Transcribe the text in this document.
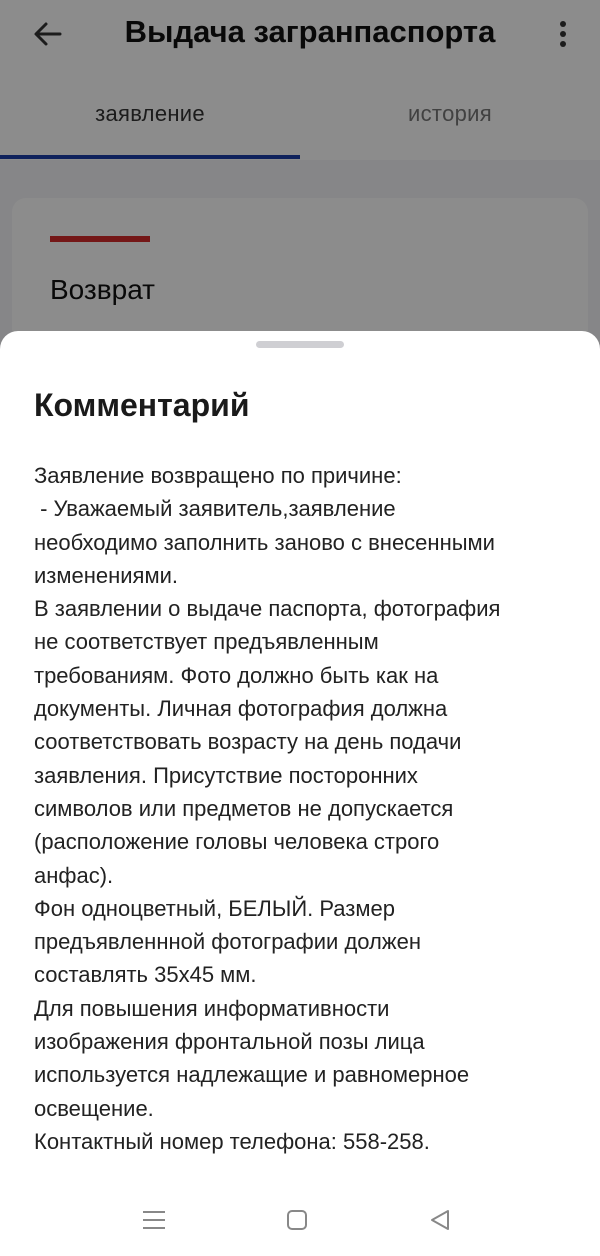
Выдача загранпаспорта
заявление	история
Возврат
Комментарий
Заявление возвращено по причине:
- Уважаемый заявитель,заявление
необходимо заполнить заново с внесенными
изменениями.
В заявлении о выдаче паспорта, фотография
не соответствует предъявленным
требованиям. Фото должно быть как на
документы. Личная фотография должна
соответствовать возрасту на день подачи
заявления. Присутствие посторонних
символов или предметов не допускается
(расположение головы человека строго
анфас).
Фон одноцветный, БЕЛЫЙ. Размер
предъявленнной фотографии должен
составлять 35х45 мм.
Для повышения информативности
изображения фронтальной позы лица
используется надлежащие и равномерное
освещение.
Контактный номер телефона: 558-258.
